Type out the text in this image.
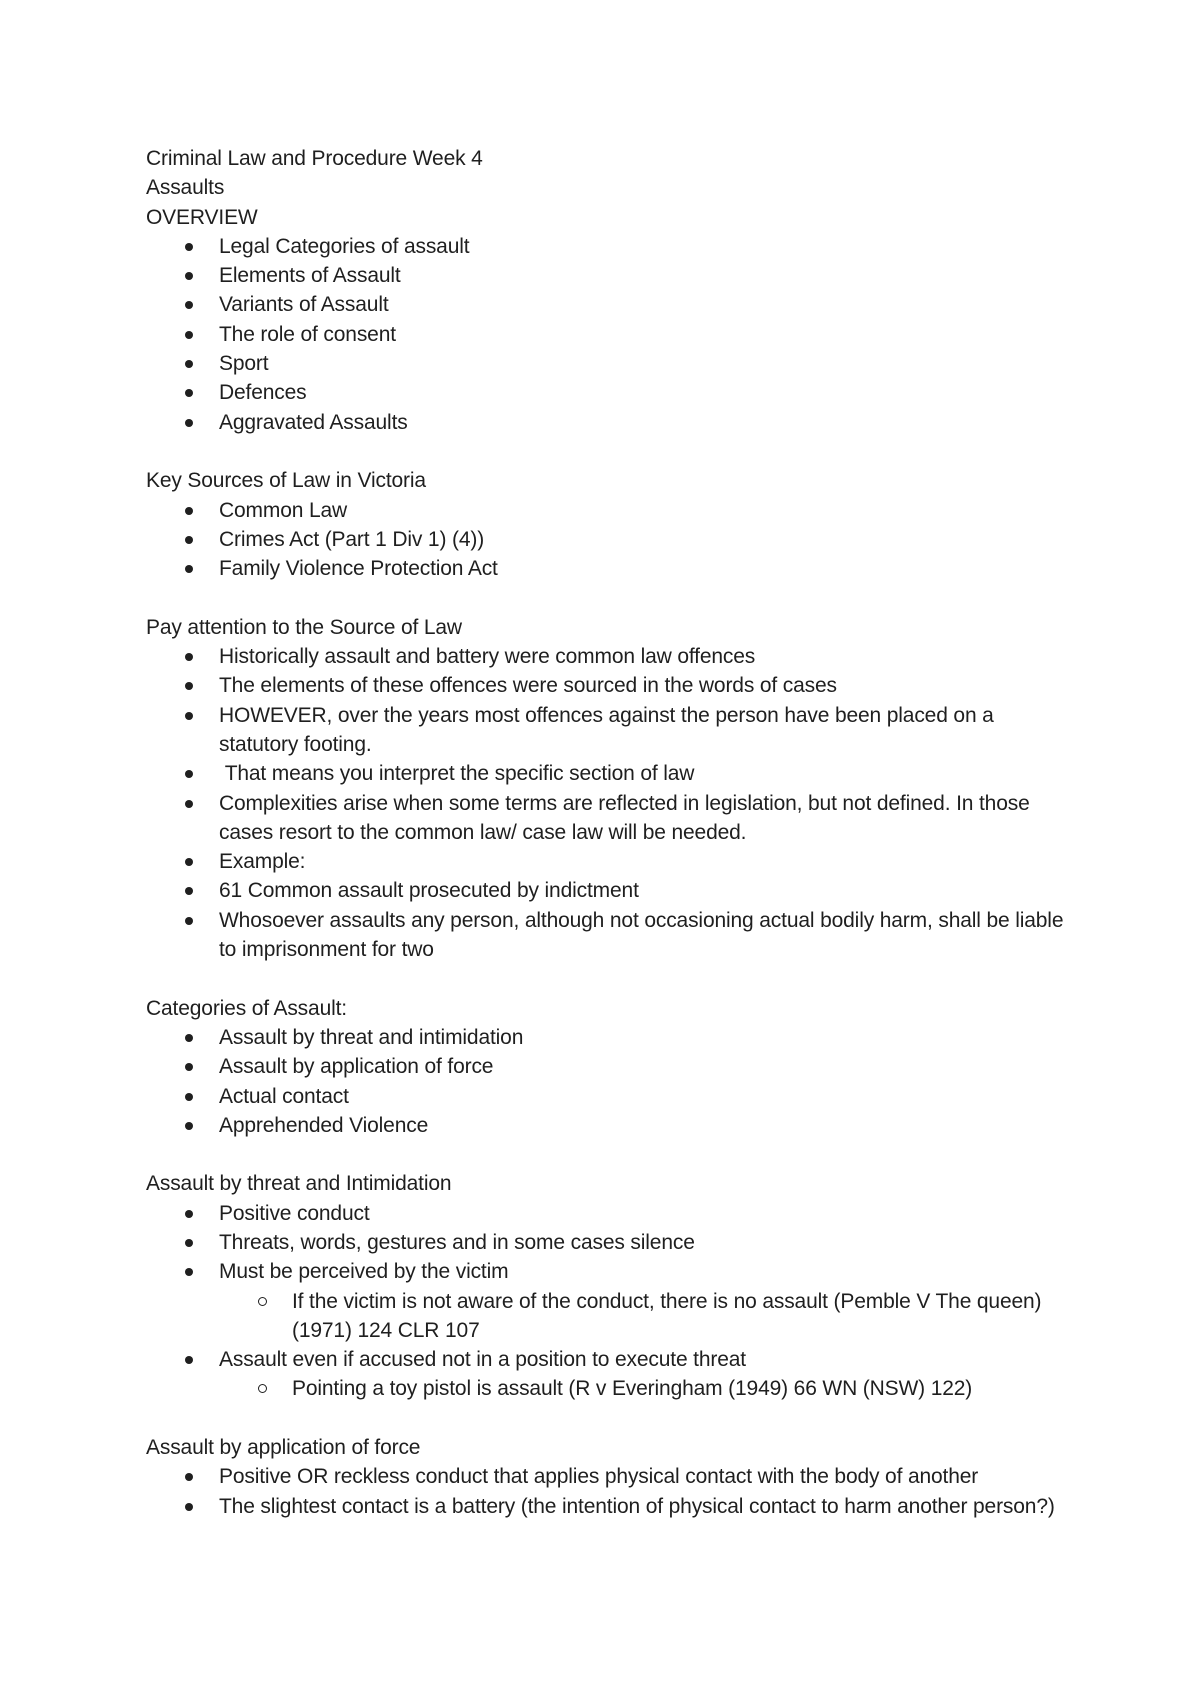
Criminal Law and Procedure Week 4

Assaults

OVERVIEW

Legal Categories of assault
Elements of Assault
Variants of Assault
The role of consent
Sport
Defences
Aggravated Assaults

Key Sources of Law in Victoria

Common Law
Crimes Act (Part 1 Div 1) (4))
Family Violence Protection Act

Pay attention to the Source of Law

Historically assault and battery were common law offences
The elements of these offences were sourced in the words of cases
HOWEVER, over the years most offences against the person have been placed on a statutory footing.
That means you interpret the specific section of law
Complexities arise when some terms are reflected in legislation, but not defined. In those cases resort to the common law/ case law will be needed.
Example:
61 Common assault prosecuted by indictment
Whosoever assaults any person, although not occasioning actual bodily harm, shall be liable to imprisonment for two

Categories of Assault:

Assault by threat and intimidation
Assault by application of force
Actual contact
Apprehended Violence

Assault by threat and Intimidation

Positive conduct
Threats, words, gestures and in some cases silence
Must be perceived by the victim
If the victim is not aware of the conduct, there is no assault (Pemble V The queen) (1971) 124 CLR 107
Assault even if accused not in a position to execute threat
Pointing a toy pistol is assault (R v Everingham (1949) 66 WN (NSW) 122)

Assault by application of force

Positive OR reckless conduct that applies physical contact with the body of another
The slightest contact is a battery (the intention of physical contact to harm another person?)
